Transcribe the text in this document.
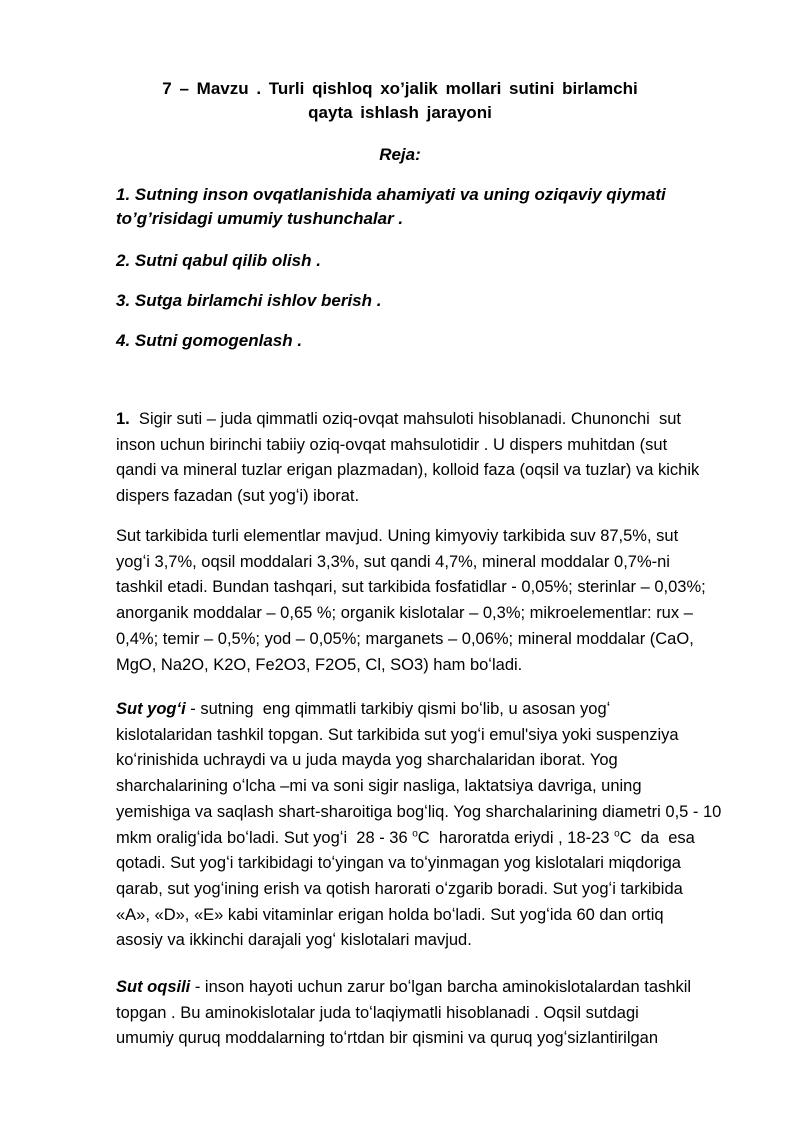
7 – Mavzu . Turli qishloq xo’jalik mollari sutini birlamchi
qayta ishlash jarayoni
Reja:
1. Sutning inson ovqatlanishida ahamiyati va uning oziqaviy qiymati
to’g’risidagi umumiy tushunchalar .
2. Sutni qabul qilib olish .
3. Sutga birlamchi ishlov berish .
4. Sutni gomogenlash .
1.  Sigir suti – juda qimmatli oziq-ovqat mahsuloti hisoblanadi. Chunonchi  sut
inson uchun birinchi tabiiy oziq-ovqat mahsulotidir . U dispers muhitdan (sut
qandi va mineral tuzlar erigan plazmadan), kolloid faza (oqsil va tuzlar) va kichik
dispers fazadan (sut yogʻi) iborat.
Sut tarkibida turli elementlar mavjud. Uning kimyoviy tarkibida suv 87,5%, sut
yogʻi 3,7%, oqsil moddalari 3,3%, sut qandi 4,7%, mineral moddalar 0,7%-ni
tashkil etadi. Bundan tashqari, sut tarkibida fosfatidlar - 0,05%; sterinlar – 0,03%;
anorganik moddalar – 0,65 %; organik kislotalar – 0,3%; mikroelementlar: rux –
0,4%; temir – 0,5%; yod – 0,05%; marganets – 0,06%; mineral moddalar (CaO,
MgO, Na2O, K2O, Fe2O3, F2O5, Cl, SO3) ham boʻladi.
Sut yogʻi - sutning  eng qimmatli tarkibiy qismi boʻlib, u asosan yogʻ
kislotalaridan tashkil topgan. Sut tarkibida sut yogʻi emul'siya yoki suspenziya
koʻrinishida uchraydi va u juda mayda yog sharchalaridan iborat. Yog
sharchalarining oʻlcha –mi va soni sigir nasliga, laktatsiya davriga, uning
yemishiga va saqlash shart-sharoitiga bogʻliq. Yog sharchalarining diametri 0,5 - 10
mkm oraligʻida boʻladi. Sut yogʻi  28 - 36 $^o$C  haroratda eriydi , 18-23 $^o$C  da  esa
qotadi. Sut yogʻi tarkibidagi toʻyingan va toʻyinmagan yog kislotalari miqdoriga
qarab, sut yogʻining erish va qotish harorati oʻzgarib boradi. Sut yogʻi tarkibida
«A», «D», «E» kabi vitaminlar erigan holda boʻladi. Sut yogʻida 60 dan ortiq
asosiy va ikkinchi darajali yogʻ kislotalari mavjud.
Sut oqsili - inson hayoti uchun zarur boʻlgan barcha aminokislotalardan tashkil
topgan . Bu aminokislotalar juda toʻlaqiymatli hisoblanadi . Oqsil sutdagi
umumiy quruq moddalarning toʻrtdan bir qismini va quruq yogʻsizlantirilgan
